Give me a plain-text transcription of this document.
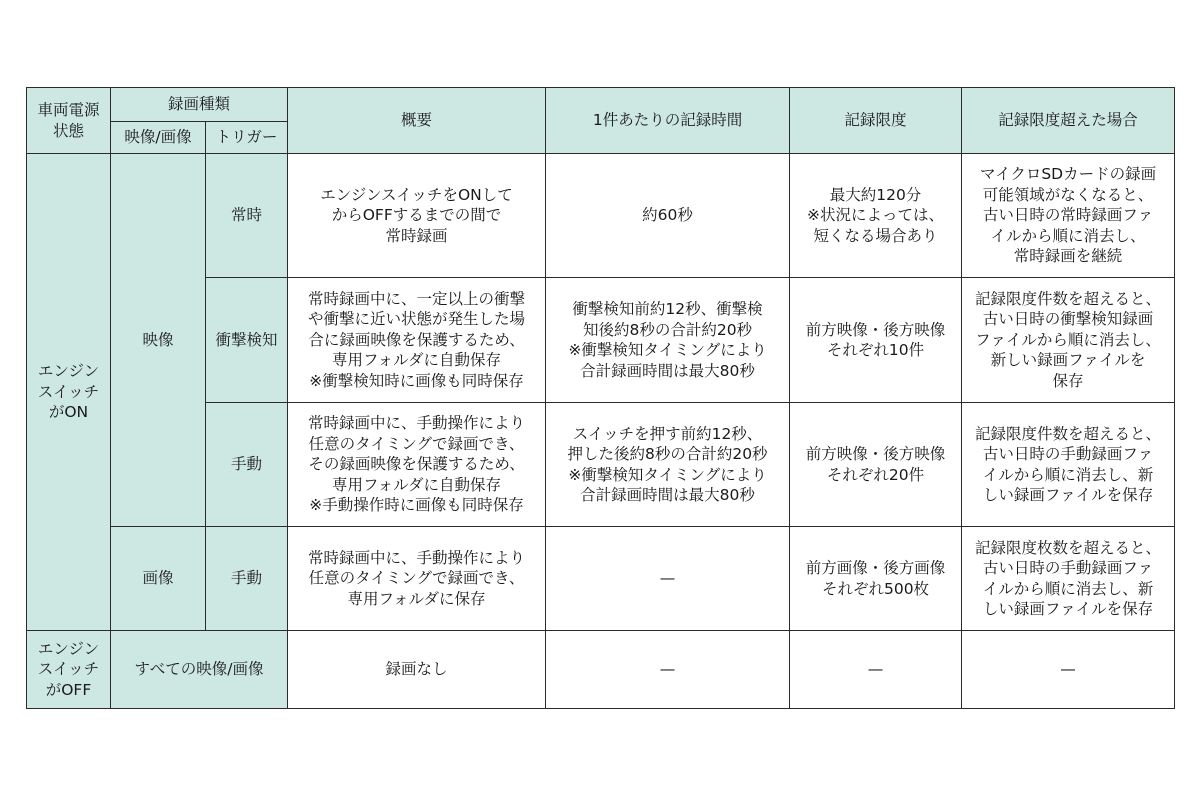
車両電源
状態	録画種類		概要	1件あたりの記録時間	記録限度	記録限度超えた場合

	映像/画像	トリガー				

エンジン
スイッチ
がON	映像	常時	エンジンスイッチをONして
からOFFするまでの間で
常時録画	約60秒	最大約120分
※状況によっては、
短くなる場合あり	マイクロSDカードの録画
可能領域がなくなると、
古い日時の常時録画ファ
イルから順に消去し、
常時録画を継続

		衝撃検知	常時録画中に、一定以上の衝撃
や衝撃に近い状態が発生した場
合に録画映像を保護するため、
専用フォルダに自動保存
※衝撃検知時に画像も同時保存	衝撃検知前約12秒、衝撃検
知後約8秒の合計約20秒
※衝撃検知タイミングにより
合計録画時間は最大80秒	前方映像・後方映像
それぞれ10件	記録限度件数を超えると、
古い日時の衝撃検知録画
ファイルから順に消去し、
新しい録画ファイルを
保存

		手動	常時録画中に、手動操作により
任意のタイミングで録画でき、
その録画映像を保護するため、
専用フォルダに自動保存
※手動操作時に画像も同時保存	スイッチを押す前約12秒、
押した後約8秒の合計約20秒
※衝撃検知タイミングにより
合計録画時間は最大80秒	前方映像・後方映像
それぞれ20件	記録限度件数を超えると、
古い日時の手動録画ファ
イルから順に消去し、新
しい録画ファイルを保存

	画像	手動	常時録画中に、手動操作により
任意のタイミングで録画でき、
専用フォルダに保存	—	前方画像・後方画像
それぞれ500枚	記録限度枚数を超えると、
古い日時の手動録画ファ
イルから順に消去し、新
しい録画ファイルを保存

エンジン
スイッチ
がOFF	すべての映像/画像		録画なし	—	—	—
